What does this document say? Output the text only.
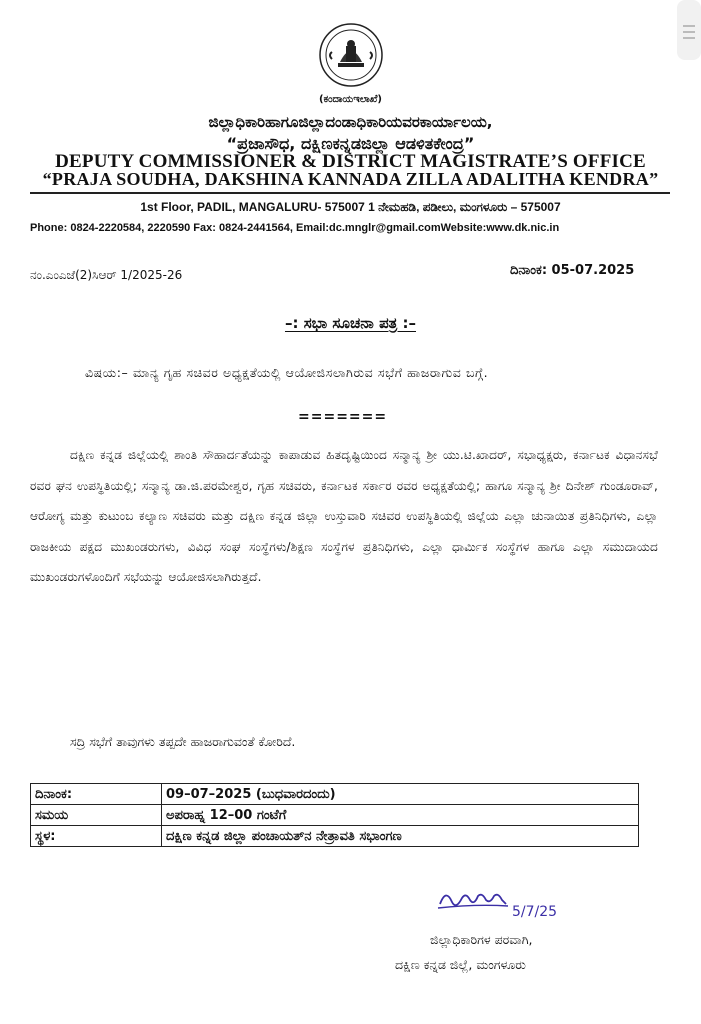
(ಕಂದಾಯಇಲಾಖೆ)
ಜಿಲ್ಲಾಧಿಕಾರಿಹಾಗೂಜಿಲ್ಲಾದಂಡಾಧಿಕಾರಿಯವರಕಾರ್ಯಾಲಯ,
“ಪ್ರಜಾಸೌಧ, ದಕ್ಷಿಣಕನ್ನಡಜಿಲ್ಲಾ ಆಡಳಿತಕೇಂದ್ರ”
DEPUTY COMMISSIONER & DISTRICT MAGISTRATE’S OFFICE
“PRAJA SOUDHA, DAKSHINA KANNADA ZILLA ADALITHA KENDRA”
1st Floor, PADIL, MANGALURU- 575007 1 ನೇಮಹಡಿ, ಪಡೀಲು, ಮಂಗಳೂರು – 575007
Phone: 0824-2220584, 2220590 Fax: 0824-2441564, Email:dc.mnglr@gmail.comWebsite:www.dk.nic.in
ನಂ.ಎಂಎಜೆ(2)ಸಿಆರ್ 1/2025-26	ದಿನಾಂಕ: 05-07.2025
–: ಸಭಾ ಸೂಚನಾ ಪತ್ರ :–
ವಿಷಯ:– ಮಾನ್ಯ ಗೃಹ ಸಚಿವರ ಅಧ್ಯಕ್ಷತೆಯಲ್ಲಿ ಆಯೋಜಿಸಲಾಗಿರುವ ಸಭೆಗೆ ಹಾಜರಾಗುವ ಬಗ್ಗೆ.
=======
ದಕ್ಷಿಣ ಕನ್ನಡ ಜಿಲ್ಲೆಯಲ್ಲಿ ಶಾಂತಿ ಸೌಹಾರ್ದತೆಯನ್ನು ಕಾಪಾಡುವ ಹಿತದೃಷ್ಟಿಯಿಂದ ಸನ್ಮಾನ್ಯ ಶ್ರೀ ಯು.ಟಿ.ಖಾದರ್, ಸಭಾಧ್ಯಕ್ಷರು, ಕರ್ನಾಟಕ ವಿಧಾನಸಭೆ ರವರ ಘನ ಉಪಸ್ಥಿತಿಯಲ್ಲಿ; ಸನ್ಮಾನ್ಯ ಡಾ.ಜಿ.ಪರಮೇಶ್ವರ, ಗೃಹ ಸಚಿವರು, ಕರ್ನಾಟಕ ಸರ್ಕಾರ ರವರ ಅಧ್ಯಕ್ಷತೆಯಲ್ಲಿ; ಹಾಗೂ ಸನ್ಮಾನ್ಯ ಶ್ರೀ ದಿನೇಶ್ ಗುಂಡೂರಾವ್, ಆರೋಗ್ಯ ಮತ್ತು ಕುಟುಂಬ ಕಲ್ಯಾಣ ಸಚಿವರು ಮತ್ತು ದಕ್ಷಿಣ ಕನ್ನಡ ಜಿಲ್ಲಾ ಉಸ್ತುವಾರಿ ಸಚಿವರ ಉಪಸ್ಥಿತಿಯಲ್ಲಿ ಜಿಲ್ಲೆಯ ಎಲ್ಲಾ ಚುನಾಯಿತ ಪ್ರತಿನಿಧಿಗಳು, ಎಲ್ಲಾ ರಾಜಕೀಯ ಪಕ್ಷದ ಮುಖಂಡರುಗಳು, ವಿವಿಧ ಸಂಘ ಸಂಸ್ಥೆಗಳು/ಶಿಕ್ಷಣ ಸಂಸ್ಥೆಗಳ ಪ್ರತಿನಿಧಿಗಳು, ಎಲ್ಲಾ ಧಾರ್ಮಿಕ ಸಂಸ್ಥೆಗಳ ಹಾಗೂ ಎಲ್ಲಾ ಸಮುದಾಯದ ಮುಖಂಡರುಗಳೊಂದಿಗೆ ಸಭೆಯನ್ನು ಆಯೋಜಿಸಲಾಗಿರುತ್ತದೆ.
ಸದ್ರಿ ಸಭೆಗೆ ತಾವುಗಳು ತಪ್ಪದೇ ಹಾಜರಾಗುವಂತೆ ಕೋರಿದೆ.
ದಿನಾಂಕ:	09–07–2025 (ಬುಧವಾರದಂದು)
ಸಮಯ	ಅಪರಾಹ್ನ 12–00 ಗಂಟೆಗೆ
ಸ್ಥಳ:	ದಕ್ಷಿಣ ಕನ್ನಡ ಜಿಲ್ಲಾ ಪಂಚಾಯತ್‌ನ ನೇತ್ರಾವತಿ ಸಭಾಂಗಣ
5/7/25
ಜಿಲ್ಲಾಧಿಕಾರಿಗಳ ಪರವಾಗಿ,
ದಕ್ಷಿಣ ಕನ್ನಡ ಜಿಲ್ಲೆ, ಮಂಗಳೂರು
